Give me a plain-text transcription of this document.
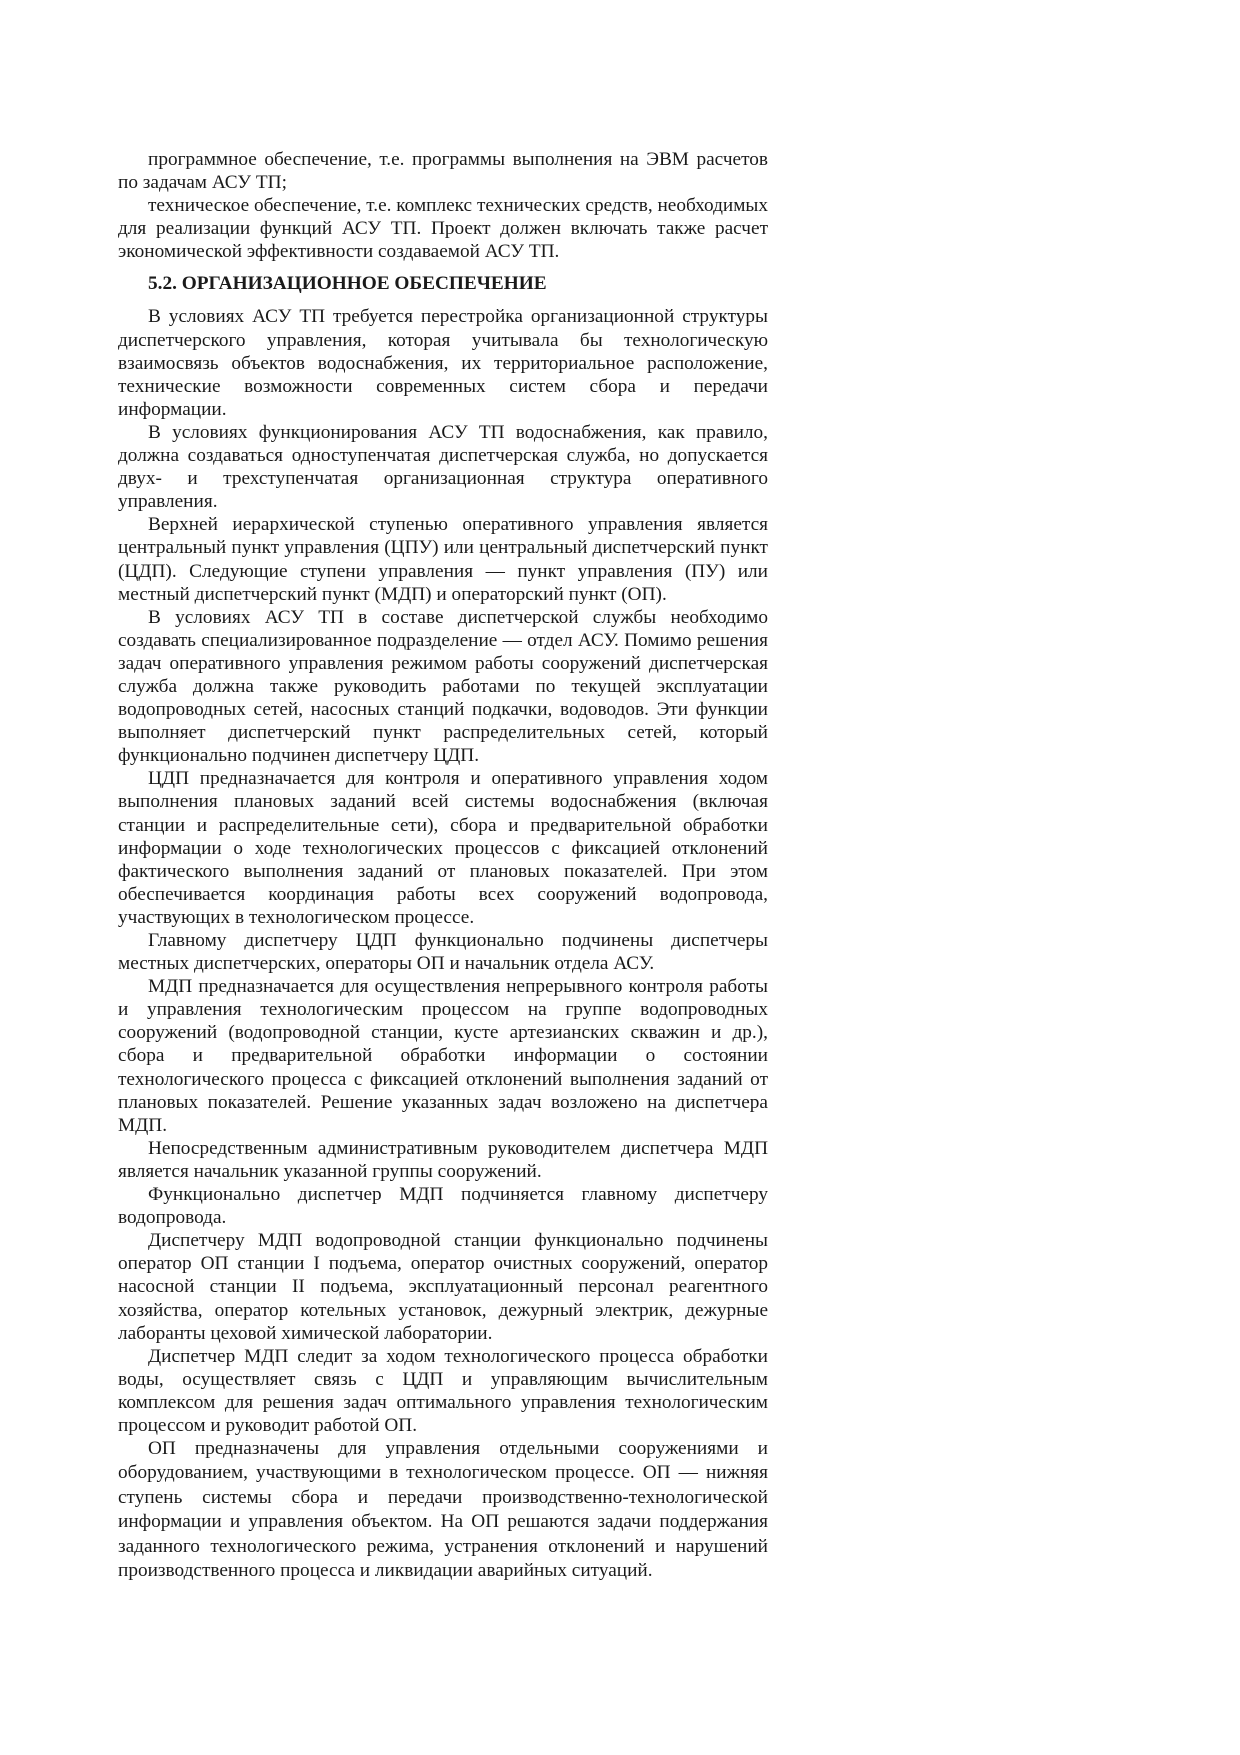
программное обеспечение, т.е. программы выполнения на ЭВМ расчетов по задачам АСУ ТП;

техническое обеспечение, т.е. комплекс технических средств, необходимых для реализации функций АСУ ТП. Проект должен включать также расчет экономической эффективности создаваемой АСУ ТП.

5.2. ОРГАНИЗАЦИОННОЕ ОБЕСПЕЧЕНИЕ

В условиях АСУ ТП требуется перестройка организационной структуры диспетчерского управления, которая учитывала бы технологическую взаимосвязь объектов водоснабжения, их территориальное расположение, технические возможности современных систем сбора и передачи информации.

В условиях функционирования АСУ ТП водоснабжения, как правило, должна создаваться одноступенчатая диспетчерская служба, но допускается двух- и трехступенчатая организационная структура оперативного управления.

Верхней иерархической ступенью оперативного управления является центральный пункт управления (ЦПУ) или центральный диспетчерский пункт (ЦДП). Следующие ступени управления — пункт управления (ПУ) или местный диспетчерский пункт (МДП) и операторский пункт (ОП).

В условиях АСУ ТП в составе диспетчерской службы необходимо создавать специализированное подразделение — отдел АСУ. Помимо решения задач оперативного управления режимом работы сооружений диспетчерская служба должна также руководить работами по текущей эксплуатации водопроводных сетей, насосных станций подкачки, водоводов. Эти функции выполняет диспетчерский пункт распределительных сетей, который функционально подчинен диспетчеру ЦДП.

ЦДП предназначается для контроля и оперативного управления ходом выполнения плановых заданий всей системы водоснабжения (включая станции и распределительные сети), сбора и предварительной обработки информации о ходе технологических процессов с фиксацией отклонений фактического выполнения заданий от плановых показателей. При этом обеспечивается координация работы всех сооружений водопровода, участвующих в технологическом процессе.

Главному диспетчеру ЦДП функционально подчинены диспетчеры местных диспетчерских, операторы ОП и начальник отдела АСУ.

МДП предназначается для осуществления непрерывного контроля работы и управления технологическим процессом на группе водопроводных сооружений (водопроводной станции, кусте артезианских скважин и др.), сбора и предварительной обработки информации о состоянии технологического процесса с фиксацией отклонений выполнения заданий от плановых показателей. Решение указанных задач возложено на диспетчера МДП.

Непосредственным административным руководителем диспетчера МДП является начальник указанной группы сооружений.

Функционально диспетчер МДП подчиняется главному диспетчеру водопровода.

Диспетчеру МДП водопроводной станции функционально подчинены оператор ОП станции I подъема, оператор очистных сооружений, оператор насосной станции II подъема, эксплуатационный персонал реагентного хозяйства, оператор котельных установок, дежурный электрик, дежурные лаборанты цеховой химической лаборатории.

Диспетчер МДП следит за ходом технологического процесса обработки воды, осуществляет связь с ЦДП и управляющим вычислительным комплексом для решения задач оптимального управления технологическим процессом и руководит работой ОП.

ОП предназначены для управления отдельными сооружениями и оборудованием, участвующими в технологическом процессе. ОП — нижняя ступень системы сбора и передачи производственно-технологической информации и управления объектом. На ОП решаются задачи поддержания заданного технологического режима, устранения отклонений и нарушений производственного процесса и ликвидации аварийных ситуаций.
